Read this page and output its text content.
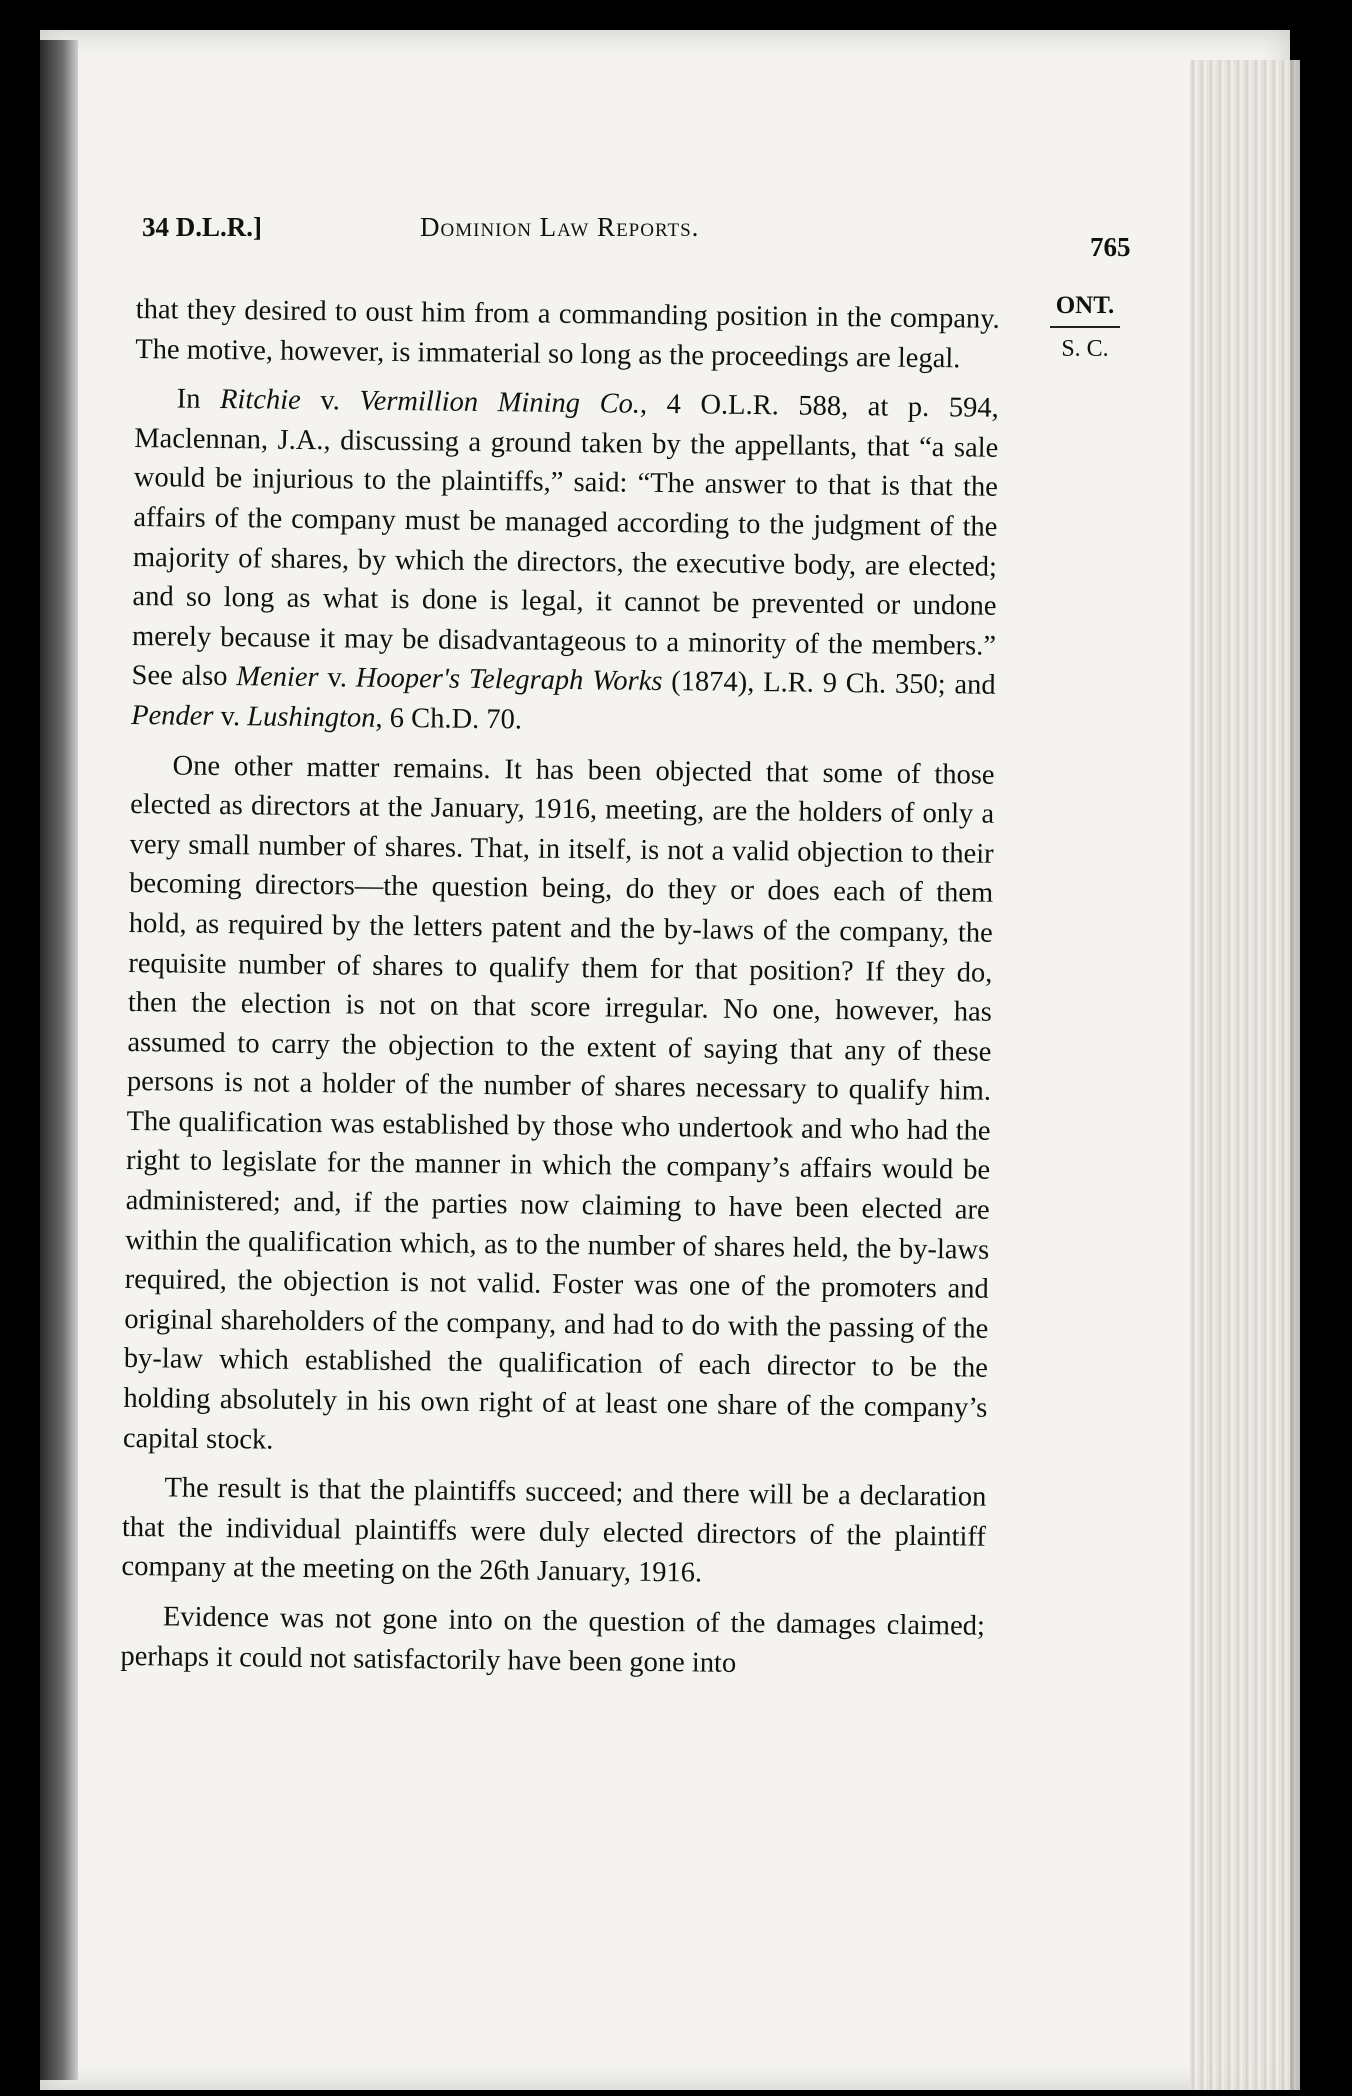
34 D.L.R.]	Dominion Law Reports.
765
ONT.
S. C.

that they desired to oust him from a commanding position in the company. The motive, however, is immaterial so long as the proceedings are legal.

In Ritchie v. Vermillion Mining Co., 4 O.L.R. 588, at p. 594, Maclennan, J.A., discussing a ground taken by the appellants, that “a sale would be injurious to the plaintiffs,” said: “The answer to that is that the affairs of the company must be managed according to the judgment of the majority of shares, by which the directors, the executive body, are elected; and so long as what is done is legal, it cannot be prevented or undone merely because it may be disadvantageous to a minority of the members.” See also Menier v. Hooper's Telegraph Works (1874), L.R. 9 Ch. 350; and Pender v. Lushington, 6 Ch.D. 70.

One other matter remains. It has been objected that some of those elected as directors at the January, 1916, meeting, are the holders of only a very small number of shares. That, in itself, is not a valid objection to their becoming directors—the question being, do they or does each of them hold, as required by the letters patent and the by-laws of the company, the requisite number of shares to qualify them for that position? If they do, then the election is not on that score irregular. No one, however, has assumed to carry the objection to the extent of saying that any of these persons is not a holder of the number of shares necessary to qualify him. The qualification was established by those who undertook and who had the right to legislate for the manner in which the company’s affairs would be administered; and, if the parties now claiming to have been elected are within the qualification which, as to the number of shares held, the by-laws required, the objection is not valid. Foster was one of the promoters and original shareholders of the company, and had to do with the passing of the by-law which established the qualification of each director to be the holding absolutely in his own right of at least one share of the company’s capital stock.

The result is that the plaintiffs succeed; and there will be a declaration that the individual plaintiffs were duly elected directors of the plaintiff company at the meeting on the 26th January, 1916.

Evidence was not gone into on the question of the damages claimed; perhaps it could not satisfactorily have been gone into
